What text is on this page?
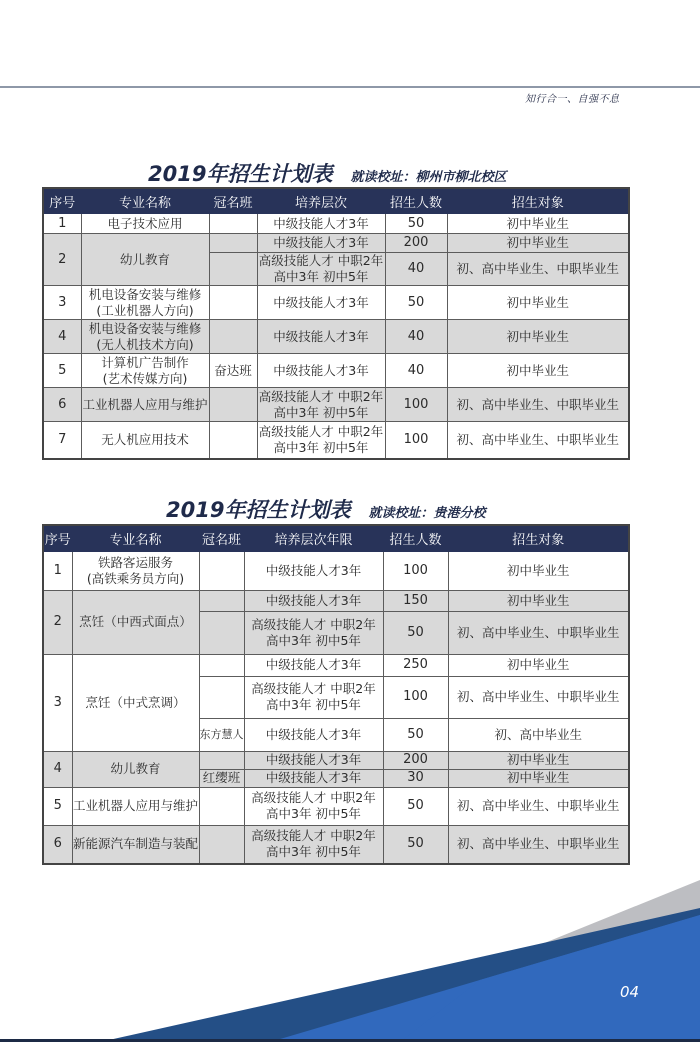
知行合一、自强不息
2019年招生计划表 就读校址：柳州市柳北校区
序号	专业名称	冠名班	培养层次	招生人数	招生对象
1	电子技术应用		中级技能人才3年	50	初中毕业生
2	幼儿教育		中级技能人才3年	200	初中毕业生

			高级技能人才 中职2年
高中3年 初中5年	40	初、高中毕业生、中职毕业生
3	机电设备安装与维修
(工业机器人方向)		中级技能人才3年	50	初中毕业生
4	机电设备安装与维修
(无人机技术方向)		中级技能人才3年	40	初中毕业生
5	计算机广告制作
(艺术传媒方向)	奋达班	中级技能人才3年	40	初中毕业生
6	工业机器人应用与维护		高级技能人才 中职2年
高中3年 初中5年	100	初、高中毕业生、中职毕业生
7	无人机应用技术		高级技能人才 中职2年
高中3年 初中5年	100	初、高中毕业生、中职毕业生
2019年招生计划表 就读校址：贵港分校
序号	专业名称	冠名班	培养层次年限	招生人数	招生对象
1	铁路客运服务
(高铁乘务员方向)		中级技能人才3年	100	初中毕业生
2	烹饪（中西式面点）		中级技能人才3年	150	初中毕业生

			高级技能人才 中职2年
高中3年 初中5年	50	初、高中毕业生、中职毕业生
3	烹饪（中式烹调）		中级技能人才3年	250	初中毕业生

			高级技能人才 中职2年
高中3年 初中5年	100	初、高中毕业生、中职毕业生
		东方慧人	中级技能人才3年	50	初、高中毕业生
4	幼儿教育		中级技能人才3年	200	初中毕业生
		红缨班	中级技能人才3年	30	初中毕业生
5	工业机器人应用与维护		高级技能人才 中职2年
高中3年 初中5年	50	初、高中毕业生、中职毕业生
6	新能源汽车制造与装配		高级技能人才 中职2年
高中3年 初中5年	50	初、高中毕业生、中职毕业生
04
